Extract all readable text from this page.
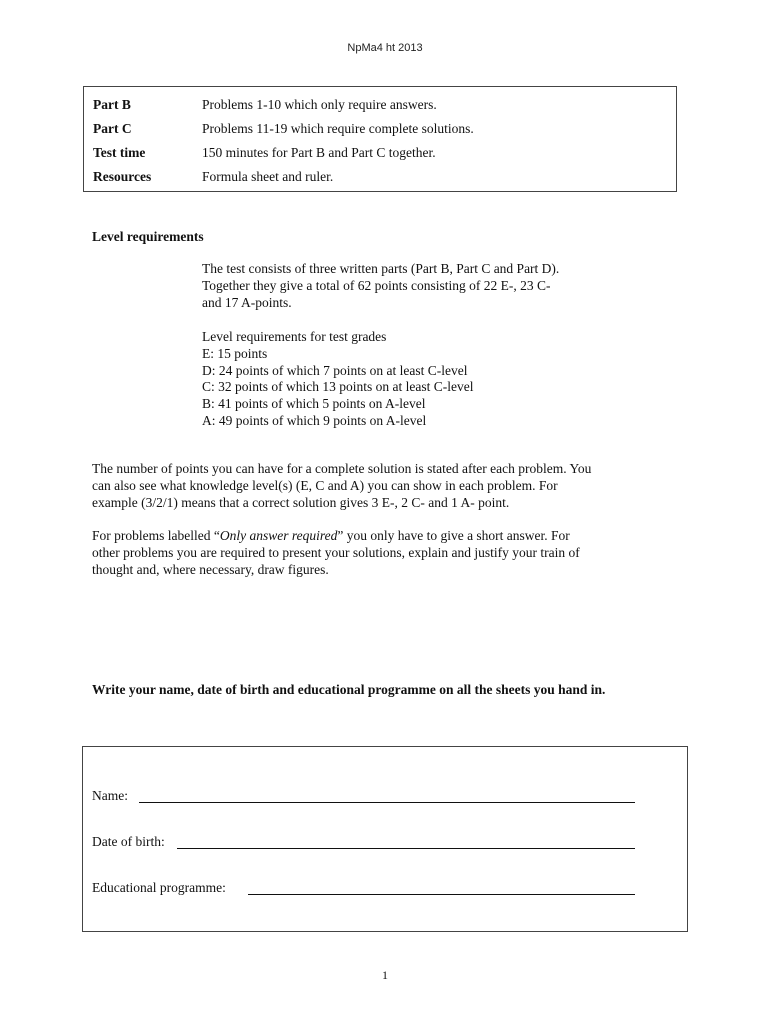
NpMa4 ht 2013
Part B	Problems 1-10 which only require answers.
Part C	Problems 11-19 which require complete solutions.
Test time	150 minutes for Part B and Part C together.
Resources	Formula sheet and ruler.
Level requirements
The test consists of three written parts (Part B, Part C and Part D).
Together they give a total of 62 points consisting of 22 E-, 23 C-
and 17 A-points.
Level requirements for test grades
E: 15 points
D: 24 points of which 7 points on at least C-level
C: 32 points of which 13 points on at least C-level
B: 41 points of which 5 points on A-level
A: 49 points of which 9 points on A-level
The number of points you can have for a complete solution is stated after each problem. You
can also see what knowledge level(s) (E, C and A) you can show in each problem. For
example (3/2/1) means that a correct solution gives 3 E-, 2 C- and 1 A- point.
For problems labelled “Only answer required” you only have to give a short answer. For
other problems you are required to present your solutions, explain and justify your train of
thought and, where necessary, draw figures.
Write your name, date of birth and educational programme on all the sheets you hand in.
Name:
Date of birth:
Educational programme:
1
